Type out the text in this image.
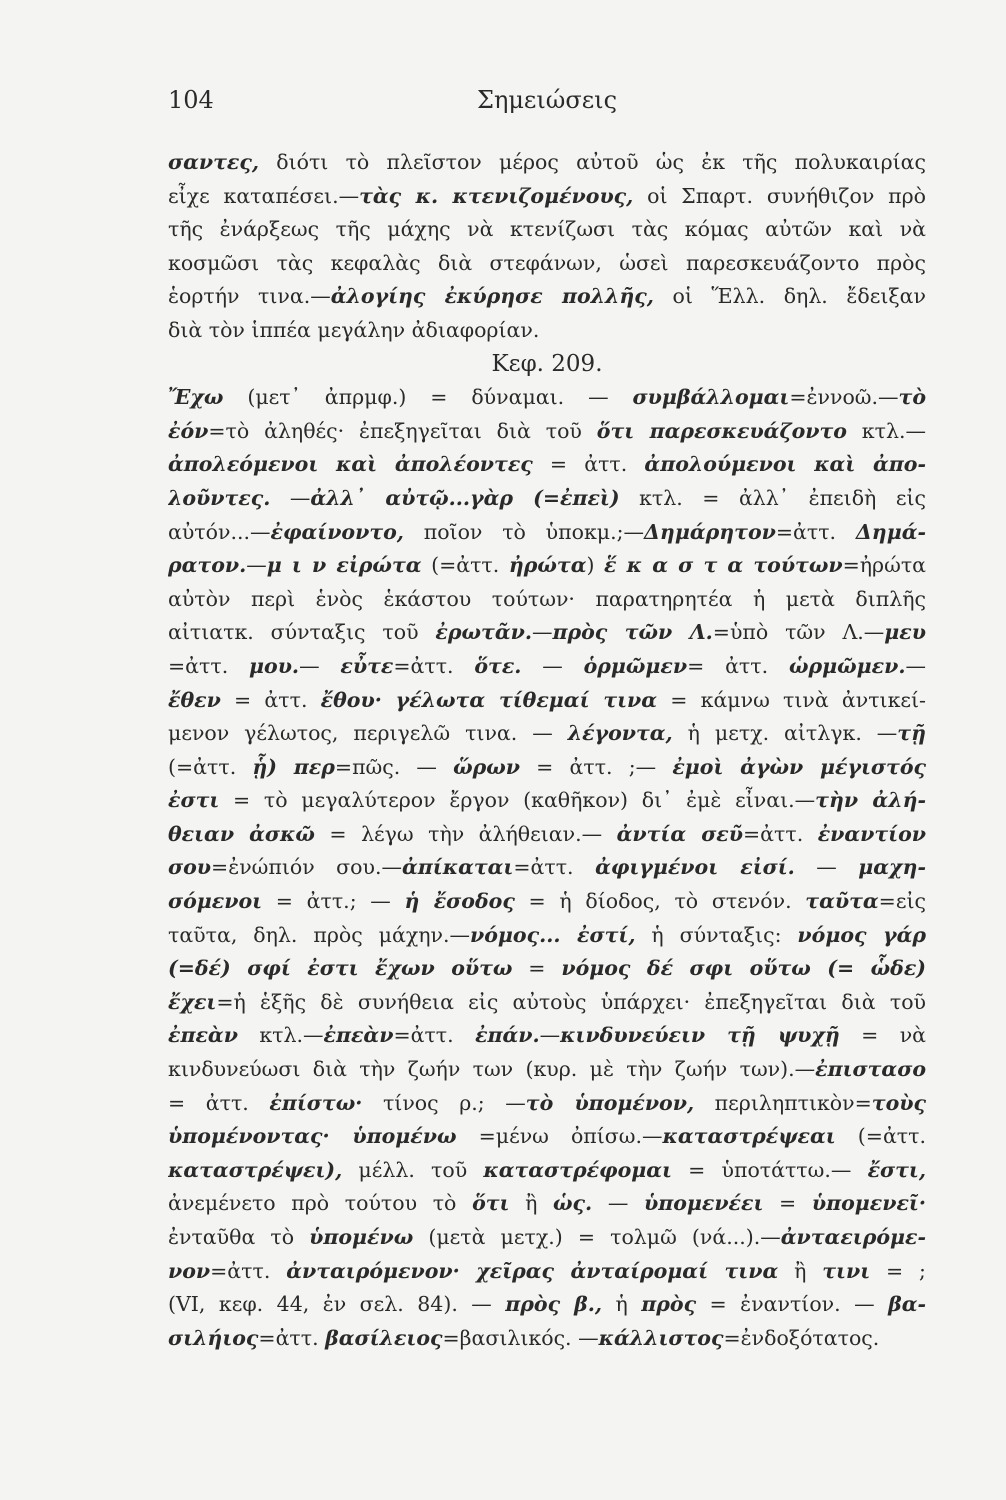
104	Σημειώσεις
σαντες, διότι τὸ πλεῖστον μέρος αὐτοῦ ὡς ἐκ τῆς πολυκαιρίας
εἶχε καταπέσει.—τὰς κ. κτενιζομένους, οἱ Σπαρτ. συνήθιζον πρὸ
τῆς ἐνάρξεως τῆς μάχης νὰ κτενίζωσι τὰς κόμας αὐτῶν καὶ νὰ
κοσμῶσι τὰς κεφαλὰς διὰ στεφάνων, ὡσεὶ παρεσκευάζοντο πρὸς
ἑορτήν τινα.—ἀλογίης ἐκύρησε πολλῆς, οἱ Ἕλλ. δηλ. ἔδειξαν
διὰ τὸν ἱππέα μεγάλην ἀδιαφορίαν.
Κεφ. 209.
Ἔχω (μετ᾽ ἀπρμφ.) = δύναμαι. — συμβάλλομαι=ἐννοῶ.—τὸ
ἐόν=τὸ ἀληθές· ἐπεξηγεῖται διὰ τοῦ ὅτι παρεσκευάζοντο κτλ.—
ἀπολεόμενοι καὶ ἀπολέοντες = ἀττ. ἀπολούμενοι καὶ ἀπο-
λοῦντες. —ἀλλ᾽ αὐτῷ...γὰρ (=ἐπεὶ) κτλ. = ἀλλ᾽ ἐπειδὴ εἰς
αὐτόν...—ἐφαίνοντο, ποῖον τὸ ὑποκμ.;—Δημάρητον=ἀττ. Δημά-
ρατον.—μ ι ν εἰρώτα (=ἀττ. ἠρώτα) ἕ κ α σ τ α τούτων=ἠρώτα
αὐτὸν περὶ ἑνὸς ἑκάστου τούτων· παρατηρητέα ἡ μετὰ διπλῆς
αἰτιατκ. σύνταξις τοῦ ἐρωτᾶν.—πρὸς τῶν Λ.=ὑπὸ τῶν Λ.—μευ
=ἀττ. μου.— εὖτε=ἀττ. ὅτε. — ὁρμῶμεν= ἀττ. ὡρμῶμεν.—
ἔθεν = ἀττ. ἔθου· γέλωτα τίθεμαί τινα = κάμνω τινὰ ἀντικεί-
μενον γέλωτος, περιγελῶ τινα. — λέγοντα, ἡ μετχ. αἰτλγκ. —τῇ
(=ἀττ. ᾗ) περ=πῶς. — ὥρων = ἀττ. ;— ἐμοὶ ἀγὼν μέγιστός
ἐστι = τὸ μεγαλύτερον ἔργον (καθῆκον) δι᾽ ἐμὲ εἶναι.—τὴν ἀλή-
θειαν ἀσκῶ = λέγω τὴν ἀλήθειαν.— ἀντία σεῦ=ἀττ. ἐναντίον
σου=ἐνώπιόν σου.—ἀπίκαται=ἀττ. ἀφιγμένοι εἰσί. — μαχη-
σόμενοι = ἀττ.; — ἡ ἔσοδος = ἡ δίοδος, τὸ στενόν. ταῦτα=εἰς
ταῦτα, δηλ. πρὸς μάχην.—νόμος... ἐστί, ἡ σύνταξις: νόμος γάρ
(=δέ) σφί ἐστι ἔχων οὕτω = νόμος δέ σφι οὕτω (= ὧδε)
ἔχει=ἡ ἑξῆς δὲ συνήθεια εἰς αὐτοὺς ὑπάρχει· ἐπεξηγεῖται διὰ τοῦ
ἐπεὰν κτλ.—ἐπεὰν=ἀττ. ἐπάν.—κινδυνεύειν τῇ ψυχῇ = νὰ
κινδυνεύωσι διὰ τὴν ζωήν των (κυρ. μὲ τὴν ζωήν των).—ἐπιστασο
= ἀττ. ἐπίστω· τίνος ρ.; —τὸ ὑπομένον, περιληπτικὸν=τοὺς
ὑπομένοντας· ὑπομένω =μένω ὀπίσω.—καταστρέψεαι (=ἀττ.
καταστρέψει), μέλλ. τοῦ καταστρέφομαι = ὑποτάττω.— ἔστι,
ἀνεμένετο πρὸ τούτου τὸ ὅτι ἢ ὡς. — ὑπομενέει = ὑπομενεῖ·
ἐνταῦθα τὸ ὑπομένω (μετὰ μετχ.) = τολμῶ (νά...).—ἀνταειρόμε-
νον=ἀττ. ἀνταιρόμενον· χεῖρας ἀνταίρομαί τινα ἢ τινι = ;
(VI, κεφ. 44, ἐν σελ. 84). — πρὸς β., ἡ πρὸς = ἐναντίον. — βα-
σιλήιος=ἀττ. βασίλειος=βασιλικός. —κάλλιστος=ἐνδοξότατος.
